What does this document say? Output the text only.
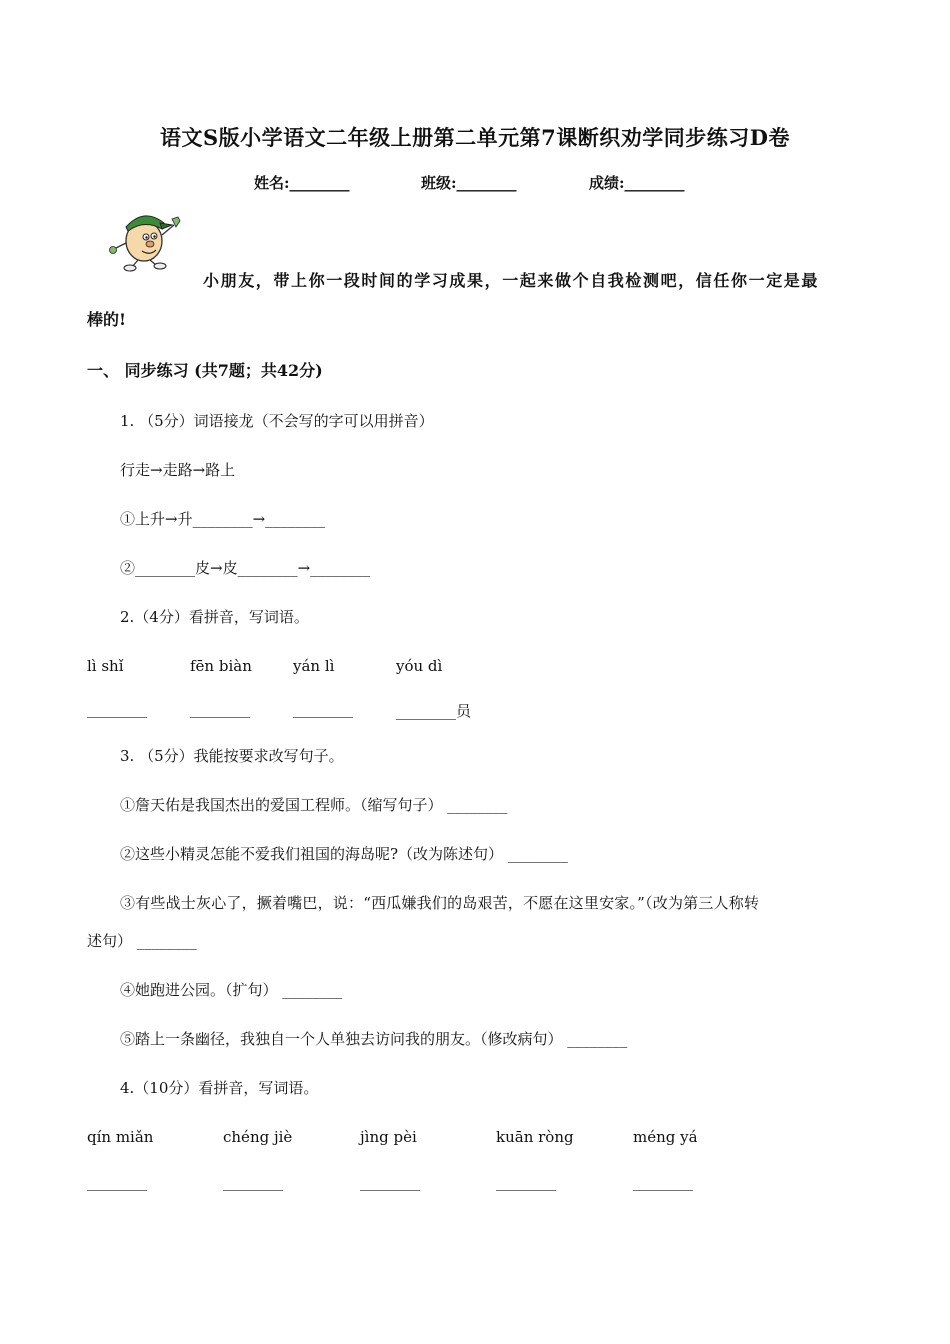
语文S版小学语文二年级上册第二单元第7课断织劝学同步练习D卷
姓名:________	班级:________	成绩:________
小朋友，带上你一段时间的学习成果，一起来做个自我检测吧，信任你一定是最
棒的!
一、 同步练习 (共7题；共42分)
1. （5分）词语接龙（不会写的字可以用拼音）
行走→走路→路上
①上升→升________→________
②________皮→皮________→________
2.（4分）看拼音，写词语。
lì shǐ	fēn biàn	yán lì	yóu dì
________	________	________	________员
3. （5分）我能按要求改写句子。
①詹天佑是我国杰出的爱国工程师。（缩写句子） ________
②这些小精灵怎能不爱我们祖国的海岛呢?（改为陈述句） ________
③有些战士灰心了，撅着嘴巴，说：“西瓜嫌我们的岛艰苦，不愿在这里安家。”（改为第三人称转
述句） ________
④她跑进公园。（扩句） ________
⑤踏上一条幽径，我独自一个人单独去访问我的朋友。（修改病句） ________
4.（10分）看拼音，写词语。
qín miǎn	chéng jiè	jìng pèi	kuān ròng	méng yá
________	________	________	________	________
